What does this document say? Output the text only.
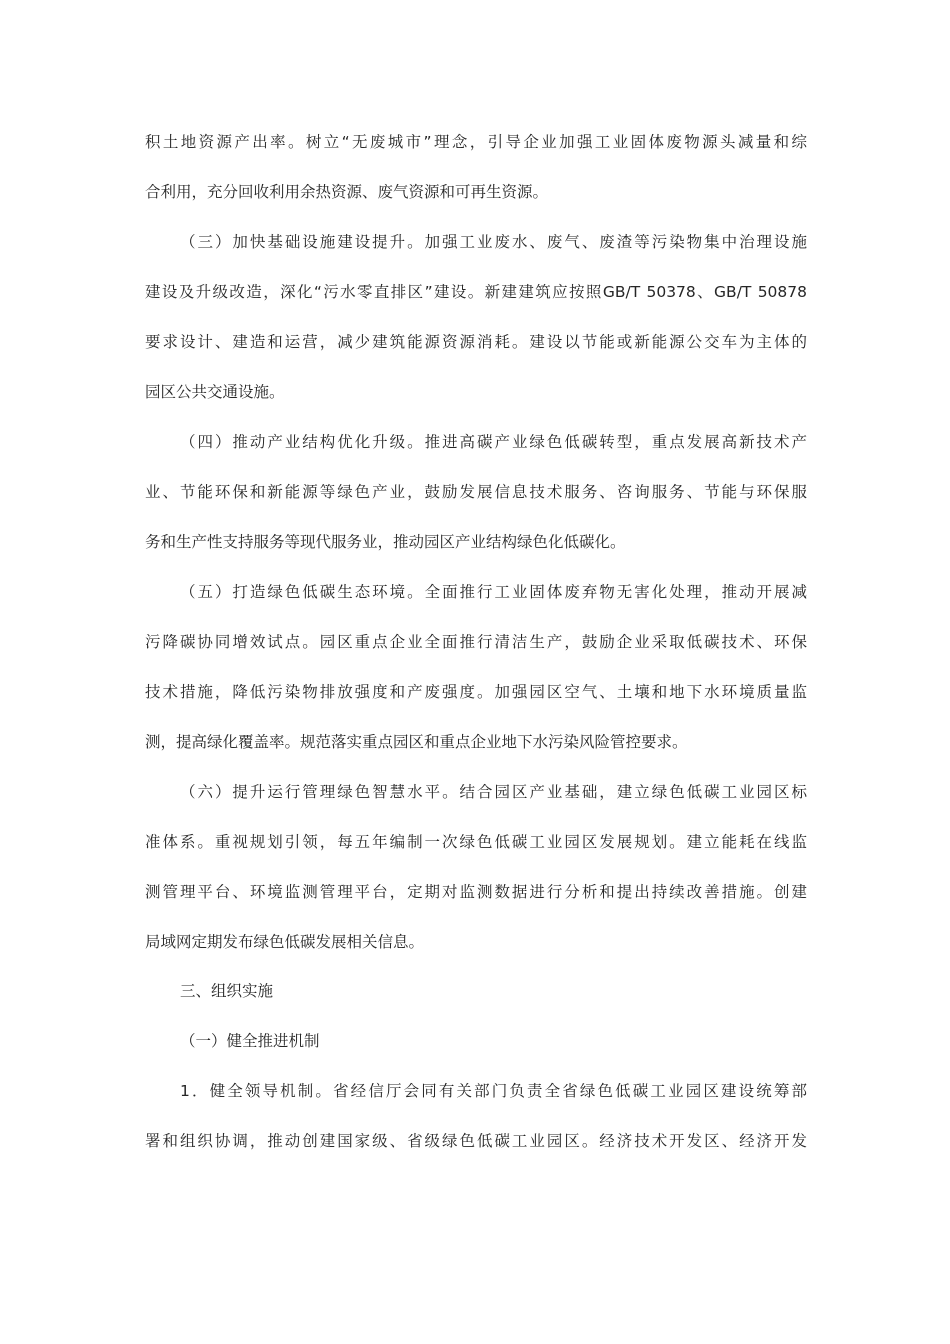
积土地资源产出率。树立“无废城市”理念，引导企业加强工业固体废物源头减量和综
合利用，充分回收利用余热资源、废气资源和可再生资源。
（三）加快基础设施建设提升。加强工业废水、废气、废渣等污染物集中治理设施
建设及升级改造，深化“污水零直排区”建设。新建建筑应按照GB/T 50378、GB/T 50878
要求设计、建造和运营，减少建筑能源资源消耗。建设以节能或新能源公交车为主体的
园区公共交通设施。
（四）推动产业结构优化升级。推进高碳产业绿色低碳转型，重点发展高新技术产
业、节能环保和新能源等绿色产业，鼓励发展信息技术服务、咨询服务、节能与环保服
务和生产性支持服务等现代服务业，推动园区产业结构绿色化低碳化。
（五）打造绿色低碳生态环境。全面推行工业固体废弃物无害化处理，推动开展减
污降碳协同增效试点。园区重点企业全面推行清洁生产，鼓励企业采取低碳技术、环保
技术措施，降低污染物排放强度和产废强度。加强园区空气、土壤和地下水环境质量监
测，提高绿化覆盖率。规范落实重点园区和重点企业地下水污染风险管控要求。
（六）提升运行管理绿色智慧水平。结合园区产业基础，建立绿色低碳工业园区标
准体系。重视规划引领，每五年编制一次绿色低碳工业园区发展规划。建立能耗在线监
测管理平台、环境监测管理平台，定期对监测数据进行分析和提出持续改善措施。创建
局域网定期发布绿色低碳发展相关信息。
三、组织实施
（一）健全推进机制
1．健全领导机制。省经信厅会同有关部门负责全省绿色低碳工业园区建设统筹部
署和组织协调，推动创建国家级、省级绿色低碳工业园区。经济技术开发区、经济开发
